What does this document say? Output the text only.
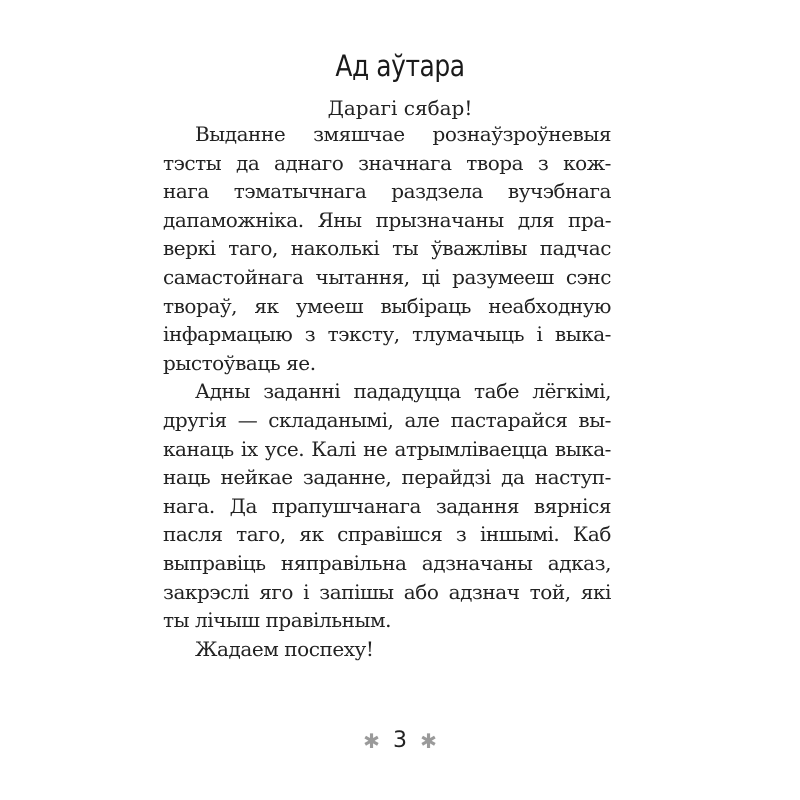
Ад аўтара
Дарагі сябар!
Выданне змяшчае рознаўзроўневыя
тэсты да аднаго значнага твора з кож-
нага тэматычнага раздзела вучэбнага
дапаможніка. Яны прызначаны для пра-
веркі таго, наколькі ты ўважлівы падчас
самастойнага чытання, ці разумееш сэнс
твораў, як умееш выбіраць неабходную
інфармацыю з тэксту, тлумачыць і выка-
рыстоўваць яе.
Адны заданні пададуцца табе лёгкімі,
другія — складанымі, але пастарайся вы-
канаць іх усе. Калі не атрымліваецца выка-
наць нейкае заданне, перайдзі да наступ-
нага. Да прапушчанага задання вярніся
пасля таго, як справішся з іншымі. Каб
выправіць няправільна адзначаны адказ,
закрэслі яго і запішы або адзнач той, які
ты лічыш правільным.
Жадаем поспеху!
✱ 3 ✱
